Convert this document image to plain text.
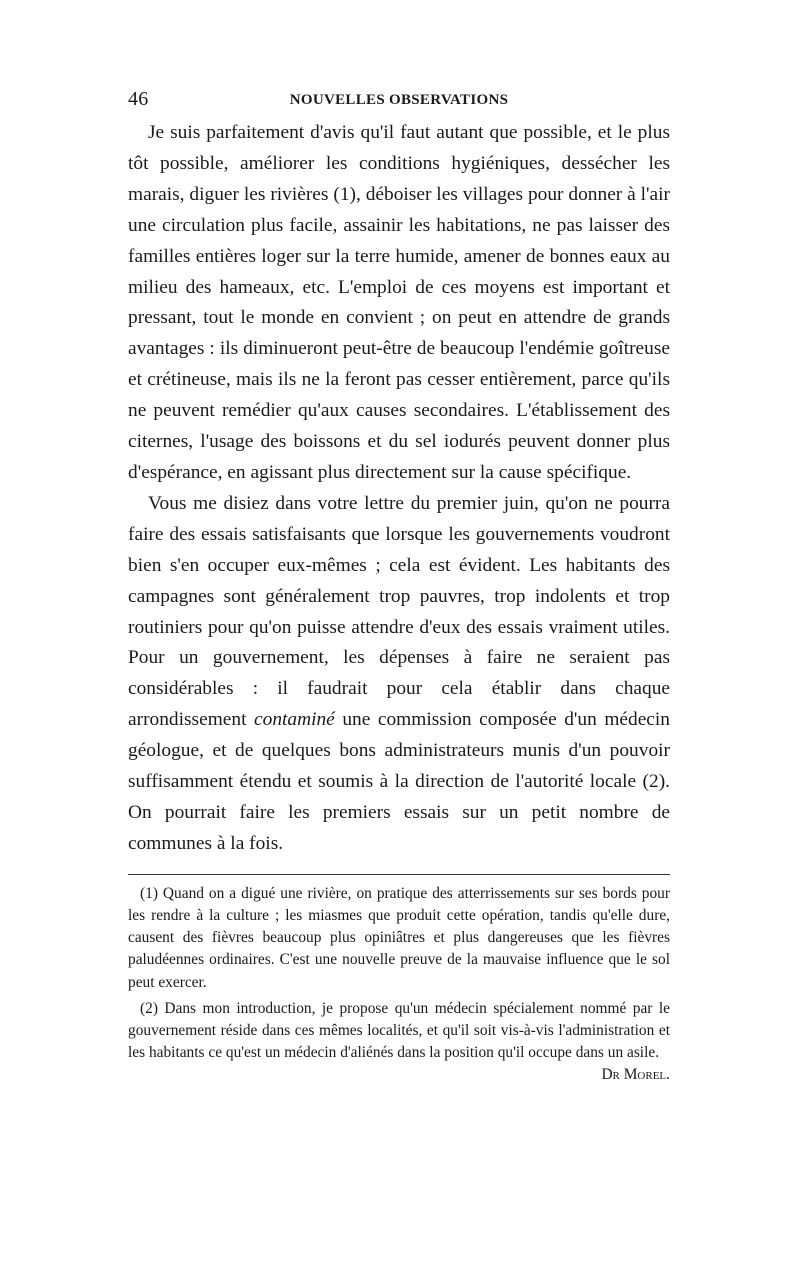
46	NOUVELLES OBSERVATIONS

Je suis parfaitement d'avis qu'il faut autant que possible, et le plus tôt possible, améliorer les conditions hygiéniques, dessécher les marais, diguer les rivières (1), déboiser les villages pour donner à l'air une circulation plus facile, assainir les habitations, ne pas laisser des familles entières loger sur la terre humide, amener de bonnes eaux au milieu des hameaux, etc. L'emploi de ces moyens est important et pressant, tout le monde en convient ; on peut en attendre de grands avantages : ils diminueront peut-être de beaucoup l'endémie goîtreuse et crétineuse, mais ils ne la feront pas cesser entièrement, parce qu'ils ne peuvent remédier qu'aux causes secondaires. L'établissement des citernes, l'usage des boissons et du sel iodurés peuvent donner plus d'espérance, en agissant plus directement sur la cause spécifique.

Vous me disiez dans votre lettre du premier juin, qu'on ne pourra faire des essais satisfaisants que lorsque les gouvernements voudront bien s'en occuper eux-mêmes ; cela est évident. Les habitants des campagnes sont généralement trop pauvres, trop indolents et trop routiniers pour qu'on puisse attendre d'eux des essais vraiment utiles. Pour un gouvernement, les dépenses à faire ne seraient pas considérables : il faudrait pour cela établir dans chaque arrondissement contaminé une commission composée d'un médecin géologue, et de quelques bons administrateurs munis d'un pouvoir suffisamment étendu et soumis à la direction de l'autorité locale (2). On pourrait faire les premiers essais sur un petit nombre de communes à la fois.

(1) Quand on a digué une rivière, on pratique des atterrissements sur ses bords pour les rendre à la culture ; les miasmes que produit cette opération, tandis qu'elle dure, causent des fièvres beaucoup plus opiniâtres et plus dangereuses que les fièvres paludéennes ordinaires. C'est une nouvelle preuve de la mauvaise influence que le sol peut exercer.

(2) Dans mon introduction, je propose qu'un médecin spécialement nommé par le gouvernement réside dans ces mêmes localités, et qu'il soit vis-à-vis l'administration et les habitants ce qu'est un médecin d'aliénés dans la position qu'il occupe dans un asile.
Dr Morel.
